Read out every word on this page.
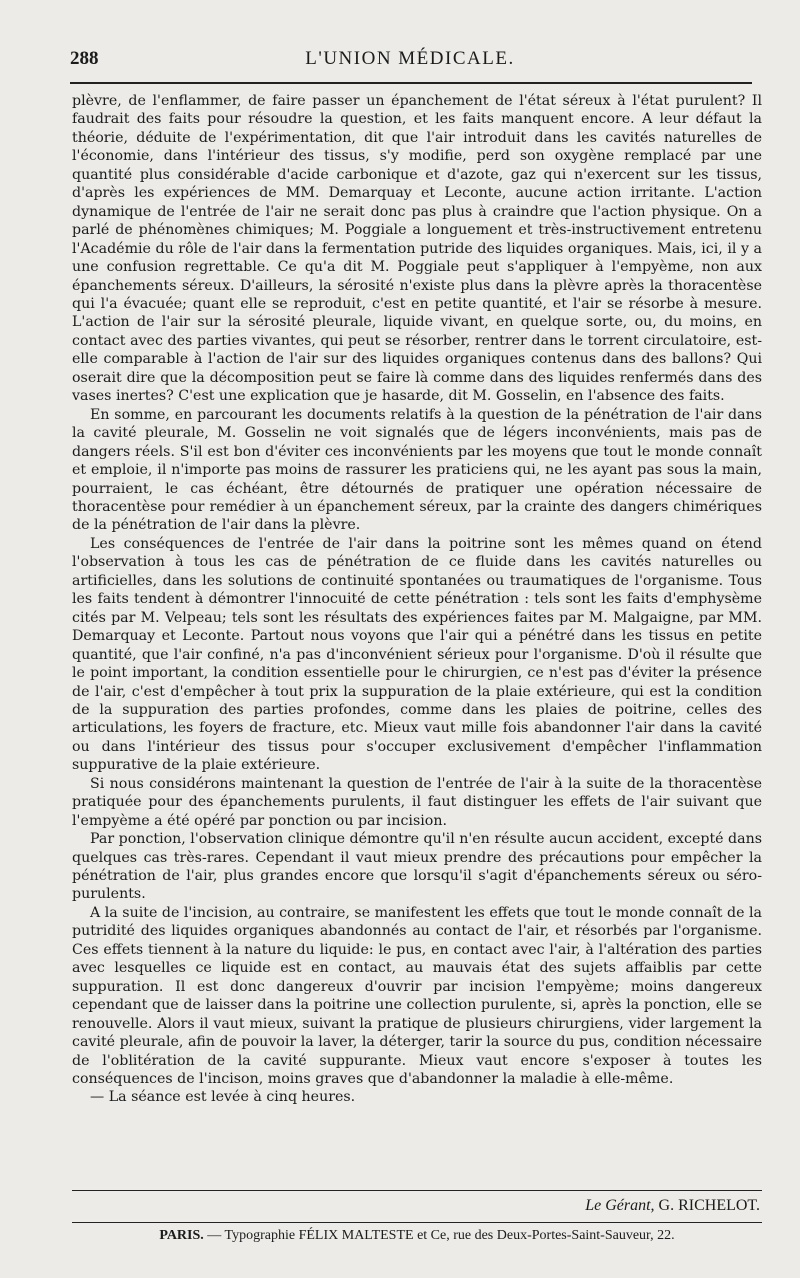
288	L'UNION MÉDICALE.

plèvre, de l'enflammer, de faire passer un épanchement de l'état séreux à l'état purulent? Il faudrait des faits pour résoudre la question, et les faits manquent encore. A leur défaut la théorie, déduite de l'expérimentation, dit que l'air introduit dans les cavités naturelles de l'économie, dans l'intérieur des tissus, s'y modifie, perd son oxygène remplacé par une quantité plus considérable d'acide carbonique et d'azote, gaz qui n'exercent sur les tissus, d'après les expériences de MM. Demarquay et Leconte, aucune action irritante. L'action dynamique de l'entrée de l'air ne serait donc pas plus à craindre que l'action physique. On a parlé de phénomènes chimiques; M. Poggiale a longuement et très-instructivement entretenu l'Académie du rôle de l'air dans la fermentation putride des liquides organiques. Mais, ici, il y a une confusion regrettable. Ce qu'a dit M. Poggiale peut s'appliquer à l'empyème, non aux épanchements séreux. D'ailleurs, la sérosité n'existe plus dans la plèvre après la thoracentèse qui l'a évacuée; quant elle se reproduit, c'est en petite quantité, et l'air se résorbe à mesure. L'action de l'air sur la sérosité pleurale, liquide vivant, en quelque sorte, ou, du moins, en contact avec des parties vivantes, qui peut se résorber, rentrer dans le torrent circulatoire, est-elle comparable à l'action de l'air sur des liquides organiques contenus dans des ballons? Qui oserait dire que la décomposition peut se faire là comme dans des liquides renfermés dans des vases inertes? C'est une explication que je hasarde, dit M. Gosselin, en l'absence des faits.

En somme, en parcourant les documents relatifs à la question de la pénétration de l'air dans la cavité pleurale, M. Gosselin ne voit signalés que de légers inconvénients, mais pas de dangers réels. S'il est bon d'éviter ces inconvénients par les moyens que tout le monde connaît et emploie, il n'importe pas moins de rassurer les praticiens qui, ne les ayant pas sous la main, pourraient, le cas échéant, être détournés de pratiquer une opération nécessaire de thoracentèse pour remédier à un épanchement séreux, par la crainte des dangers chimériques de la pénétration de l'air dans la plèvre.

Les conséquences de l'entrée de l'air dans la poitrine sont les mêmes quand on étend l'observation à tous les cas de pénétration de ce fluide dans les cavités naturelles ou artificielles, dans les solutions de continuité spontanées ou traumatiques de l'organisme. Tous les faits tendent à démontrer l'innocuité de cette pénétration : tels sont les faits d'emphysème cités par M. Velpeau; tels sont les résultats des expériences faites par M. Malgaigne, par MM. Demarquay et Leconte. Partout nous voyons que l'air qui a pénétré dans les tissus en petite quantité, que l'air confiné, n'a pas d'inconvénient sérieux pour l'organisme. D'où il résulte que le point important, la condition essentielle pour le chirurgien, ce n'est pas d'éviter la présence de l'air, c'est d'empêcher à tout prix la suppuration de la plaie extérieure, qui est la condition de la suppuration des parties profondes, comme dans les plaies de poitrine, celles des articulations, les foyers de fracture, etc. Mieux vaut mille fois abandonner l'air dans la cavité ou dans l'intérieur des tissus pour s'occuper exclusivement d'empêcher l'inflammation suppurative de la plaie extérieure.

Si nous considérons maintenant la question de l'entrée de l'air à la suite de la thoracentèse pratiquée pour des épanchements purulents, il faut distinguer les effets de l'air suivant que l'empyème a été opéré par ponction ou par incision.

Par ponction, l'observation clinique démontre qu'il n'en résulte aucun accident, excepté dans quelques cas très-rares. Cependant il vaut mieux prendre des précautions pour empêcher la pénétration de l'air, plus grandes encore que lorsqu'il s'agit d'épanchements séreux ou séro-purulents.

A la suite de l'incision, au contraire, se manifestent les effets que tout le monde connaît de la putridité des liquides organiques abandonnés au contact de l'air, et résorbés par l'organisme. Ces effets tiennent à la nature du liquide: le pus, en contact avec l'air, à l'altération des parties avec lesquelles ce liquide est en contact, au mauvais état des sujets affaiblis par cette suppuration. Il est donc dangereux d'ouvrir par incision l'empyème; moins dangereux cependant que de laisser dans la poitrine une collection purulente, si, après la ponction, elle se renouvelle. Alors il vaut mieux, suivant la pratique de plusieurs chirurgiens, vider largement la cavité pleurale, afin de pouvoir la laver, la déterger, tarir la source du pus, condition nécessaire de l'oblitération de la cavité suppurante. Mieux vaut encore s'exposer à toutes les conséquences de l'incison, moins graves que d'abandonner la maladie à elle-même.

— La séance est levée à cinq heures.

Le Gérant, G. RICHELOT.
PARIS. — Typographie FÉLIX MALTESTE et Ce, rue des Deux-Portes-Saint-Sauveur, 22.
